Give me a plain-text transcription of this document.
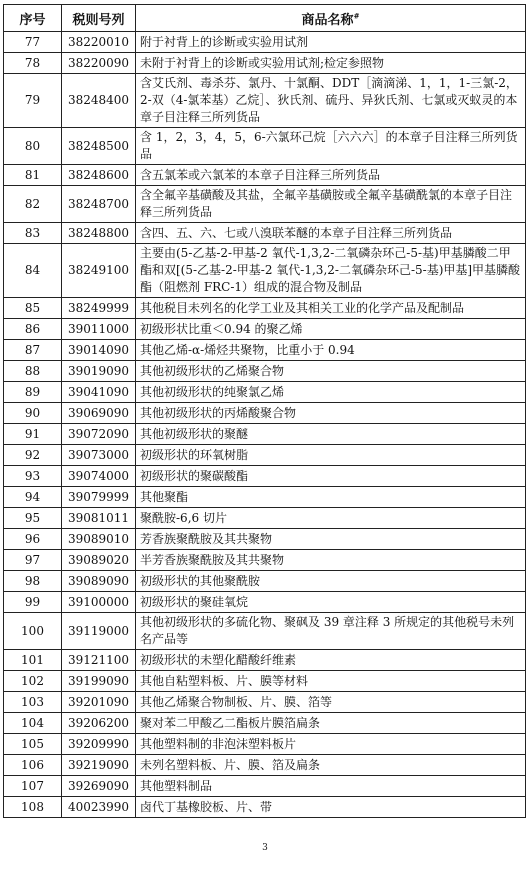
序号	税则号列	商品名称#
77	38220010	附于衬背上的诊断或实验用试剂
78	38220090	未附于衬背上的诊断或实验用试剂;检定参照物
79	38248400	含艾氏剂、毒杀芬、氯丹、十氯酮、DDT［滴滴涕、1，1，1-三氯-2，2-双（4-氯苯基）乙烷］、狄氏剂、硫丹、异狄氏剂、七氯或灭蚁灵的本章子目注释三所列货品
80	38248500	含 1，2，3，4，5，6-六氯环己烷［六六六］的本章子目注释三所列货品
81	38248600	含五氯苯或六氯苯的本章子目注释三所列货品
82	38248700	含全氟辛基磺酸及其盐，全氟辛基磺胺或全氟辛基磺酰氯的本章子目注释三所列货品
83	38248800	含四、五、六、七或八溴联苯醚的本章子目注释三所列货品
84	38249100	主要由(5-乙基-2-甲基-2 氧代-1,3,2-二氧磷杂环己-5-基)甲基膦酸二甲酯和双[(5-乙基-2-甲基-2 氧代-1,3,2-二氧磷杂环己-5-基)甲基]甲基膦酸酯（阻燃剂 FRC-1）组成的混合物及制品
85	38249999	其他税目未列名的化学工业及其相关工业的化学产品及配制品
86	39011000	初级形状比重＜0.94 的聚乙烯
87	39014090	其他乙烯-α-烯烃共聚物，比重小于 0.94
88	39019090	其他初级形状的乙烯聚合物
89	39041090	其他初级形状的纯聚氯乙烯
90	39069090	其他初级形状的丙烯酸聚合物
91	39072090	其他初级形状的聚醚
92	39073000	初级形状的环氧树脂
93	39074000	初级形状的聚碳酸酯
94	39079999	其他聚酯
95	39081011	聚酰胺-6,6 切片
96	39089010	芳香族聚酰胺及其共聚物
97	39089020	半芳香族聚酰胺及其共聚物
98	39089090	初级形状的其他聚酰胺
99	39100000	初级形状的聚硅氧烷
100	39119000	其他初级形状的多硫化物、聚砜及 39 章注释 3 所规定的其他税号未列名产品等
101	39121100	初级形状的未塑化醋酸纤维素
102	39199090	其他自粘塑料板、片、膜等材料
103	39201090	其他乙烯聚合物制板、片、膜、箔等
104	39206200	聚对苯二甲酸乙二酯板片膜箔扁条
105	39209990	其他塑料制的非泡沫塑料板片
106	39219090	未列名塑料板、片、膜、箔及扁条
107	39269090	其他塑料制品
108	40023990	卤代丁基橡胶板、片、带
3
